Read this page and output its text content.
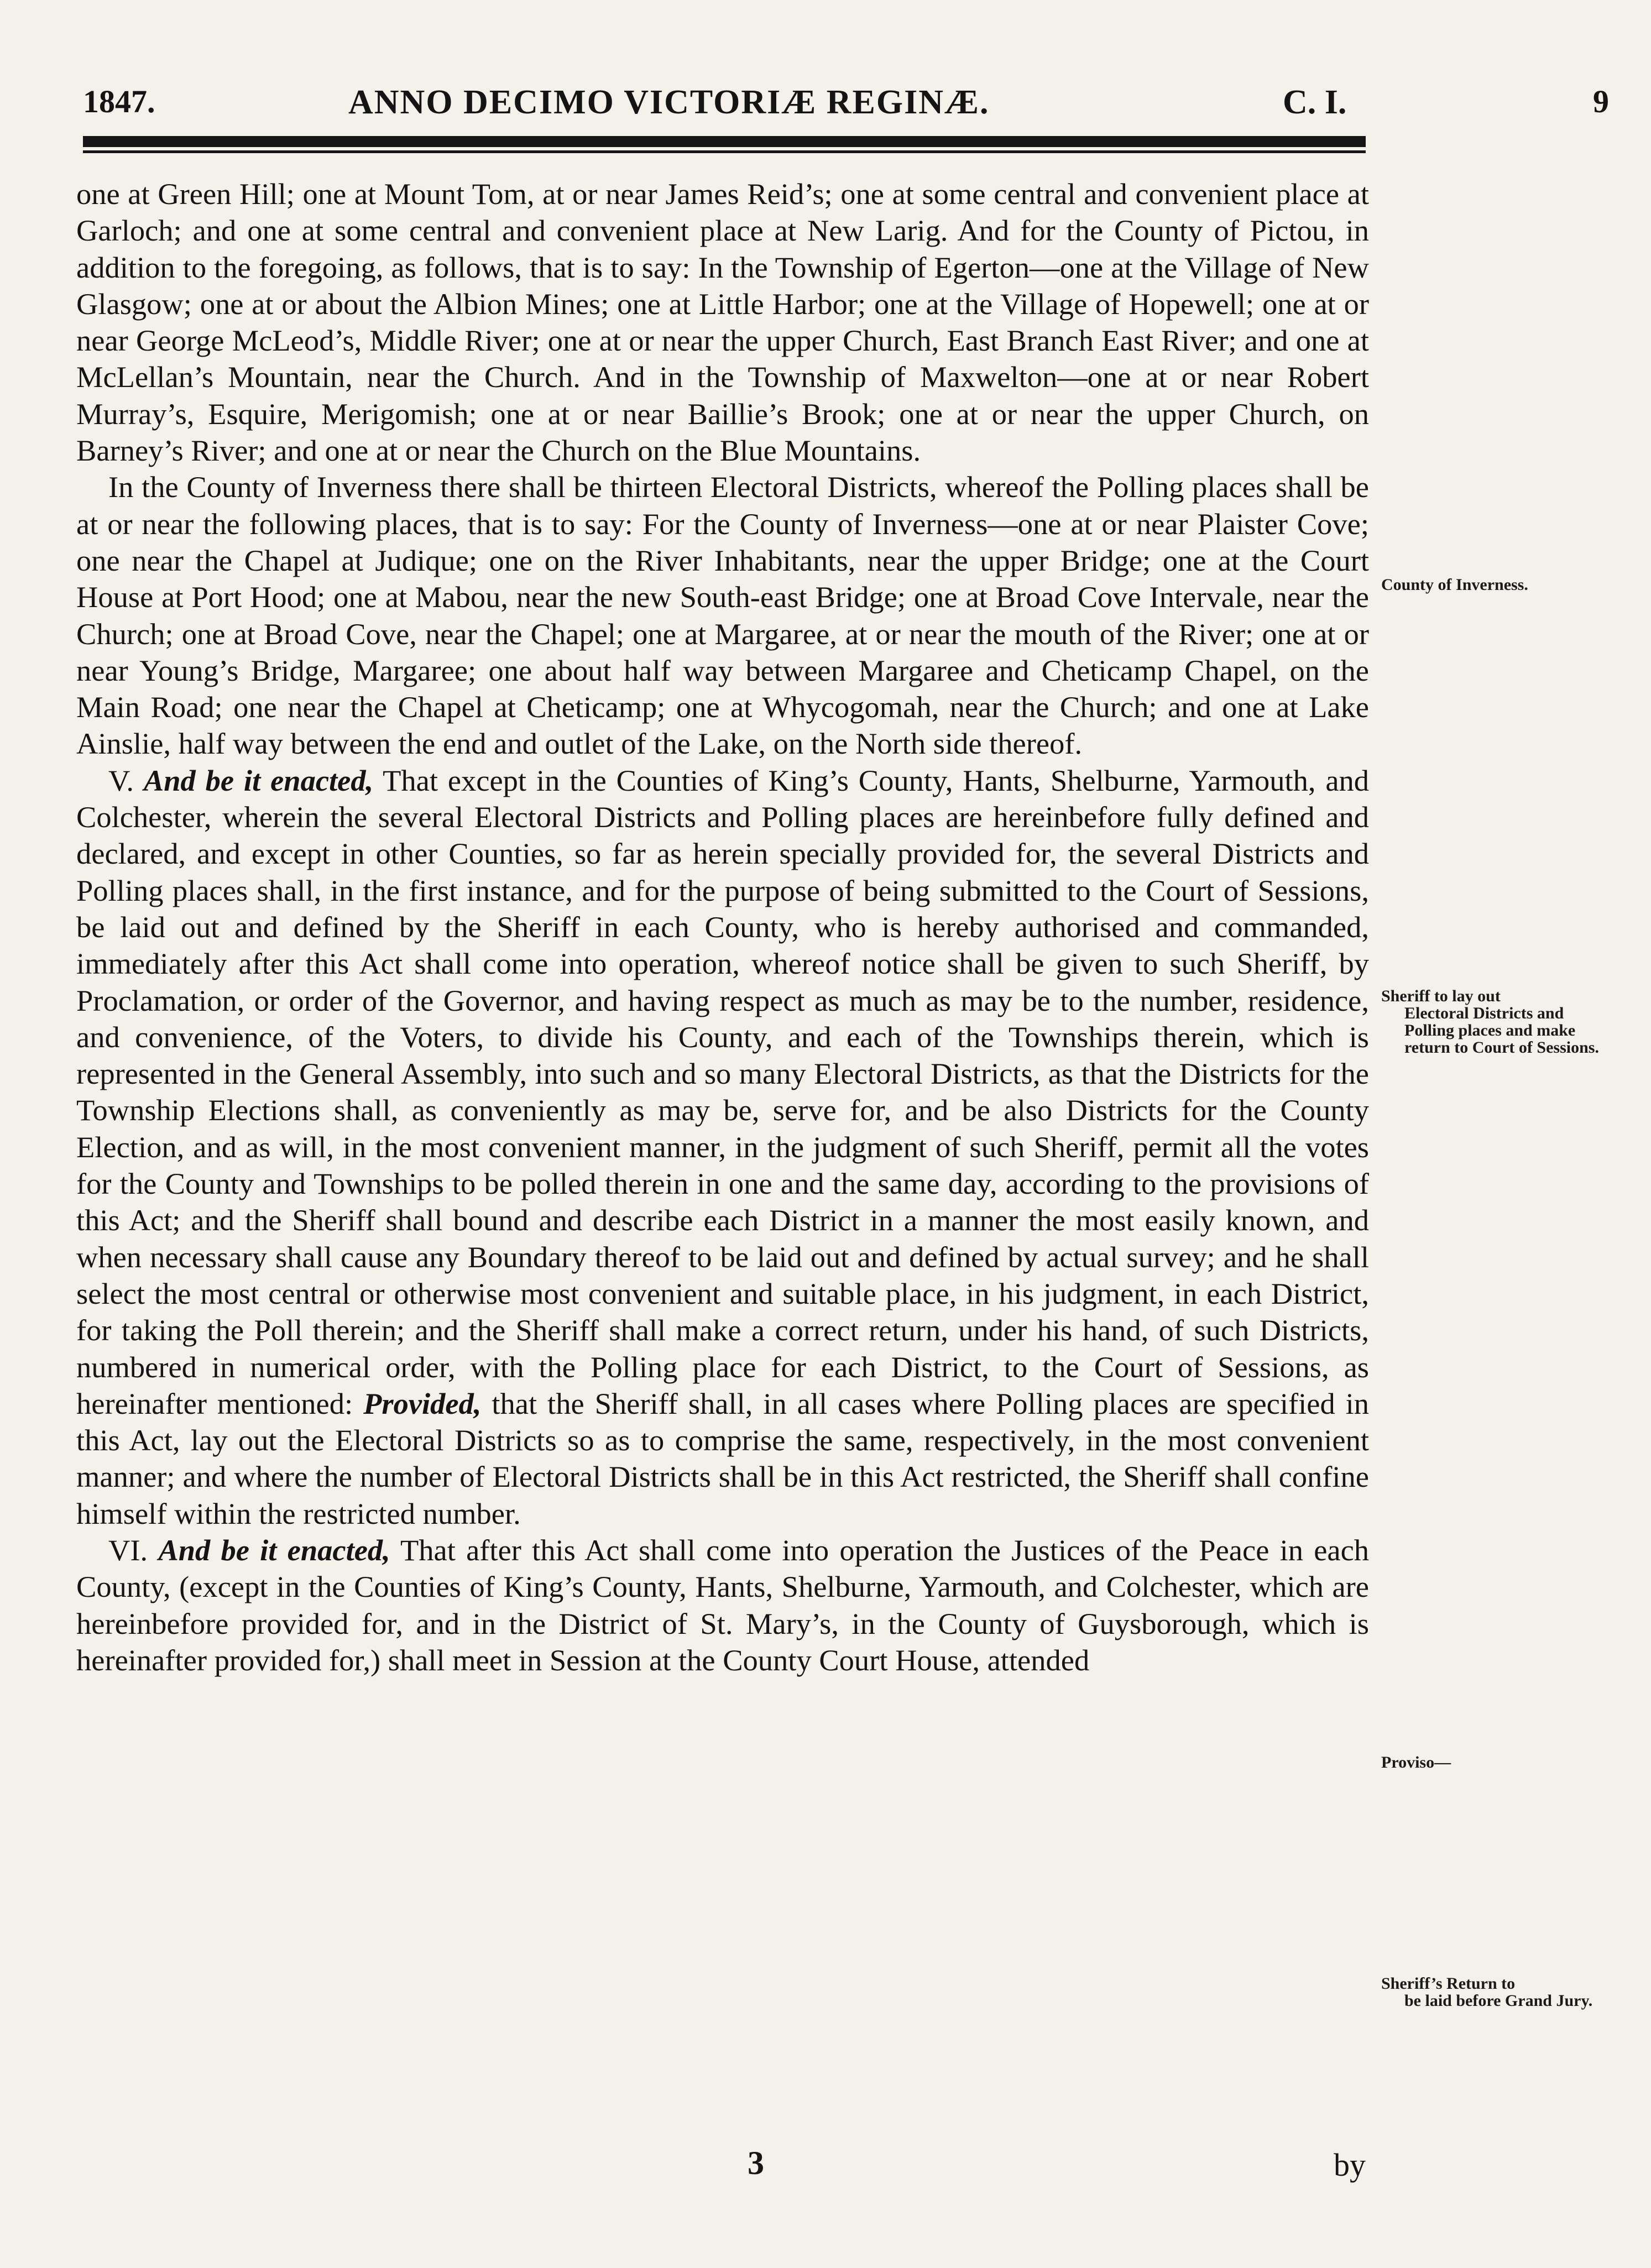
1847.	ANNO DECIMO VICTORIÆ REGINÆ.	C. I.	9

one at Green Hill; one at Mount Tom, at or near James Reid’s; one at some central and convenient place at Garloch; and one at some central and convenient place at New Larig. And for the County of Pictou, in addition to the foregoing, as follows, that is to say: In the Township of Egerton—one at the Village of New Glasgow; one at or about the Albion Mines; one at Little Harbor; one at the Village of Hopewell; one at or near George McLeod’s, Middle River; one at or near the upper Church, East Branch East River; and one at McLellan’s Mountain, near the Church. And in the Township of Maxwelton—one at or near Robert Murray’s, Esquire, Merigomish; one at or near Baillie’s Brook; one at or near the upper Church, on Barney’s River; and one at or near the Church on the Blue Mountains.

In the County of Inverness there shall be thirteen Electoral Districts, whereof the Polling places shall be at or near the following places, that is to say: For the County of Inverness—one at or near Plaister Cove; one near the Chapel at Judique; one on the River Inhabitants, near the upper Bridge; one at the Court House at Port Hood; one at Mabou, near the new South-east Bridge; one at Broad Cove Intervale, near the Church; one at Broad Cove, near the Chapel; one at Margaree, at or near the mouth of the River; one at or near Young’s Bridge, Margaree; one about half way between Margaree and Cheticamp Chapel, on the Main Road; one near the Chapel at Cheticamp; one at Whycogomah, near the Church; and one at Lake Ainslie, half way between the end and outlet of the Lake, on the North side thereof.

V. And be it enacted, That except in the Counties of King’s County, Hants, Shelburne, Yarmouth, and Colchester, wherein the several Electoral Districts and Polling places are hereinbefore fully defined and declared, and except in other Counties, so far as herein specially provided for, the several Districts and Polling places shall, in the first instance, and for the purpose of being submitted to the Court of Sessions, be laid out and defined by the Sheriff in each County, who is hereby authorised and commanded, immediately after this Act shall come into operation, whereof notice shall be given to such Sheriff, by Proclamation, or order of the Governor, and having respect as much as may be to the number, residence, and convenience, of the Voters, to divide his County, and each of the Townships therein, which is represented in the General Assembly, into such and so many Electoral Districts, as that the Districts for the Township Elections shall, as conveniently as may be, serve for, and be also Districts for the County Election, and as will, in the most convenient manner, in the judgment of such Sheriff, permit all the votes for the County and Townships to be polled therein in one and the same day, according to the provisions of this Act; and the Sheriff shall bound and describe each District in a manner the most easily known, and when necessary shall cause any Boundary thereof to be laid out and defined by actual survey; and he shall select the most central or otherwise most convenient and suitable place, in his judgment, in each District, for taking the Poll therein; and the Sheriff shall make a correct return, under his hand, of such Districts, numbered in numerical order, with the Polling place for each District, to the Court of Sessions, as hereinafter mentioned: Provided, that the Sheriff shall, in all cases where Polling places are specified in this Act, lay out the Electoral Districts so as to comprise the same, respectively, in the most convenient manner; and where the number of Electoral Districts shall be in this Act restricted, the Sheriff shall confine himself within the restricted number.

VI. And be it enacted, That after this Act shall come into operation the Justices of the Peace in each County, (except in the Counties of King’s County, Hants, Shelburne, Yarmouth, and Colchester, which are hereinbefore provided for, and in the District of St. Mary’s, in the County of Guysborough, which is hereinafter provided for,) shall meet in Session at the County Court House, attended

County of Inverness.
Sheriff to lay out
Electoral Districts and Polling places and make return to Court of Sessions.
Proviso—
Sheriff’s Return to
be laid before Grand Jury.
3	by
